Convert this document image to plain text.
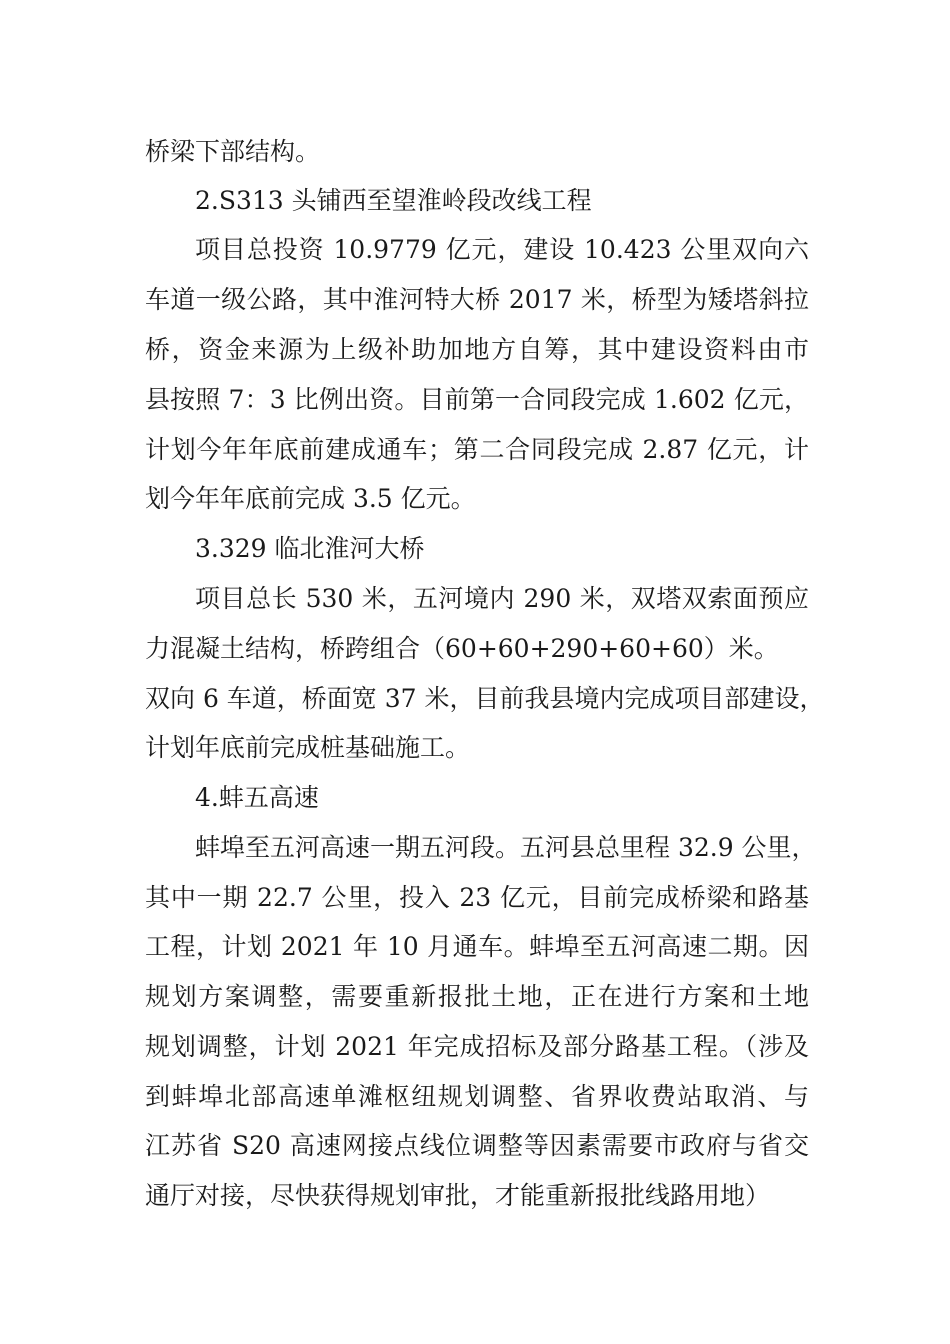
桥梁下部结构。

2.S313 头铺西至望淮岭段改线工程

项目总投资 10.9779 亿元，建设 10.423 公里双向六

车道一级公路，其中淮河特大桥 2017 米，桥型为矮塔斜拉

桥，资金来源为上级补助加地方自筹，其中建设资料由市

县按照 7：3 比例出资。目前第一合同段完成 1.602 亿元，

计划今年年底前建成通车；第二合同段完成 2.87 亿元，计

划今年年底前完成 3.5 亿元。

3.329 临北淮河大桥

项目总长 530 米，五河境内 290 米，双塔双索面预应

力混凝土结构，桥跨组合（60+60+290+60+60）米。

双向 6 车道，桥面宽 37 米，目前我县境内完成项目部建设，

计划年底前完成桩基础施工。

4.蚌五高速

蚌埠至五河高速一期五河段。五河县总里程 32.9 公里，

其中一期 22.7 公里，投入 23 亿元，目前完成桥梁和路基

工程，计划 2021 年 10 月通车。蚌埠至五河高速二期。因

规划方案调整，需要重新报批土地，正在进行方案和土地

规划调整，计划 2021 年完成招标及部分路基工程。（涉及

到蚌埠北部高速单滩枢纽规划调整、省界收费站取消、与

江苏省 S20 高速网接点线位调整等因素需要市政府与省交

通厅对接，尽快获得规划审批，才能重新报批线路用地）
